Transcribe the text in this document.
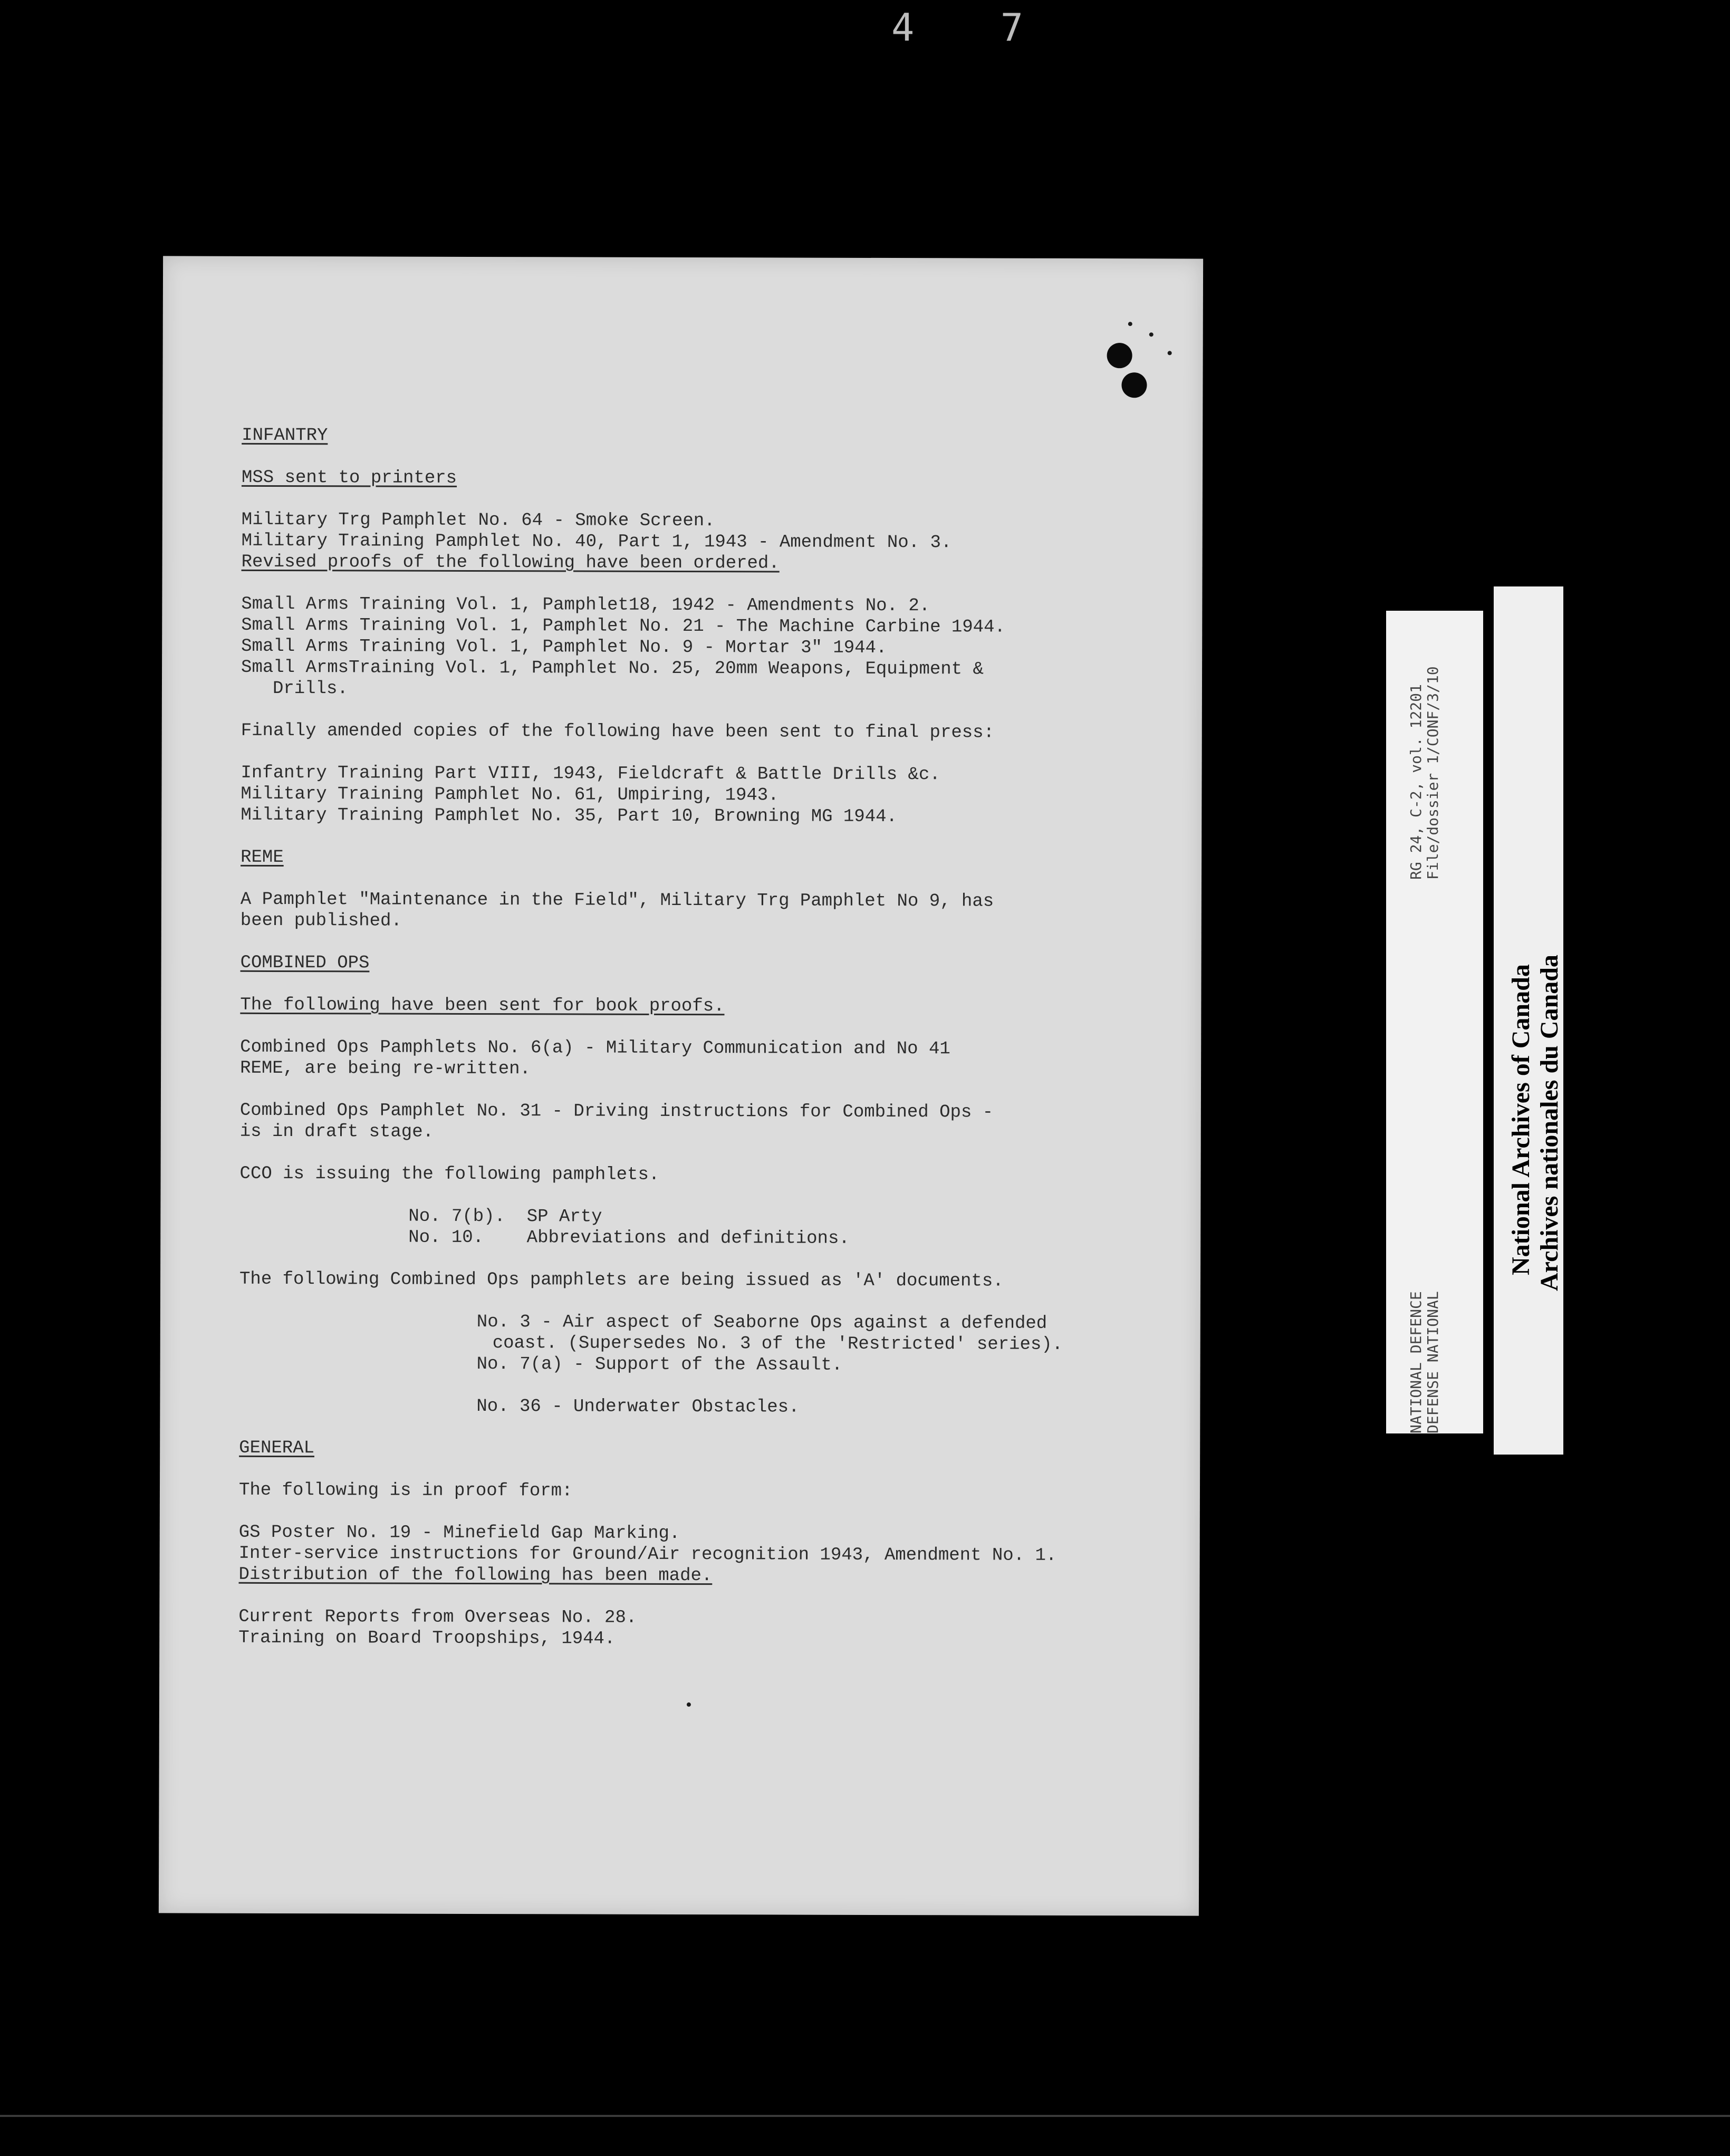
4 7
INFANTRY
MSS sent to printers
Military Trg Pamphlet No. 64 - Smoke Screen.
Military Training Pamphlet No. 40, Part 1, 1943 - Amendment No. 3.
Revised proofs of the following have been ordered.
Small Arms Training Vol. 1, Pamphlet18, 1942 - Amendments No. 2.
Small Arms Training Vol. 1, Pamphlet No. 21 - The Machine Carbine 1944.
Small Arms Training Vol. 1, Pamphlet No. 9 - Mortar 3" 1944.
Small ArmsTraining Vol. 1, Pamphlet No. 25, 20mm Weapons, Equipment &
Drills.
Finally amended copies of the following have been sent to final press:
Infantry Training Part VIII, 1943, Fieldcraft & Battle Drills &c.
Military Training Pamphlet No. 61, Umpiring, 1943.
Military Training Pamphlet No. 35, Part 10, Browning MG 1944.
REME
A Pamphlet "Maintenance in the Field", Military Trg Pamphlet No 9, has
been published.
COMBINED OPS
The following have been sent for book proofs.
Combined Ops Pamphlets No. 6(a) - Military Communication and No 41
REME, are being re-written.
Combined Ops Pamphlet No. 31 - Driving instructions for Combined Ops -
is in draft stage.
CCO is issuing the following pamphlets.
No. 7(b).  SP Arty
No. 10.    Abbreviations and definitions.
The following Combined Ops pamphlets are being issued as 'A' documents.
No. 3 - Air aspect of Seaborne Ops against a defended
coast. (Supersedes No. 3 of the 'Restricted' series).
No. 7(a) - Support of the Assault.
No. 36 - Underwater Obstacles.
GENERAL
The following is in proof form:
GS Poster No. 19 - Minefield Gap Marking.
Inter-service instructions for Ground/Air recognition 1943, Amendment No. 1.
Distribution of the following has been made.
Current Reports from Overseas No. 28.
Training on Board Troopships, 1944.
NATIONAL DEFENCE DEFENSE NATIONAL
RG 24, C-2, vol. 12201 File/dossier 1/CONF/3/10
National Archives of Canada Archives nationales du Canada
